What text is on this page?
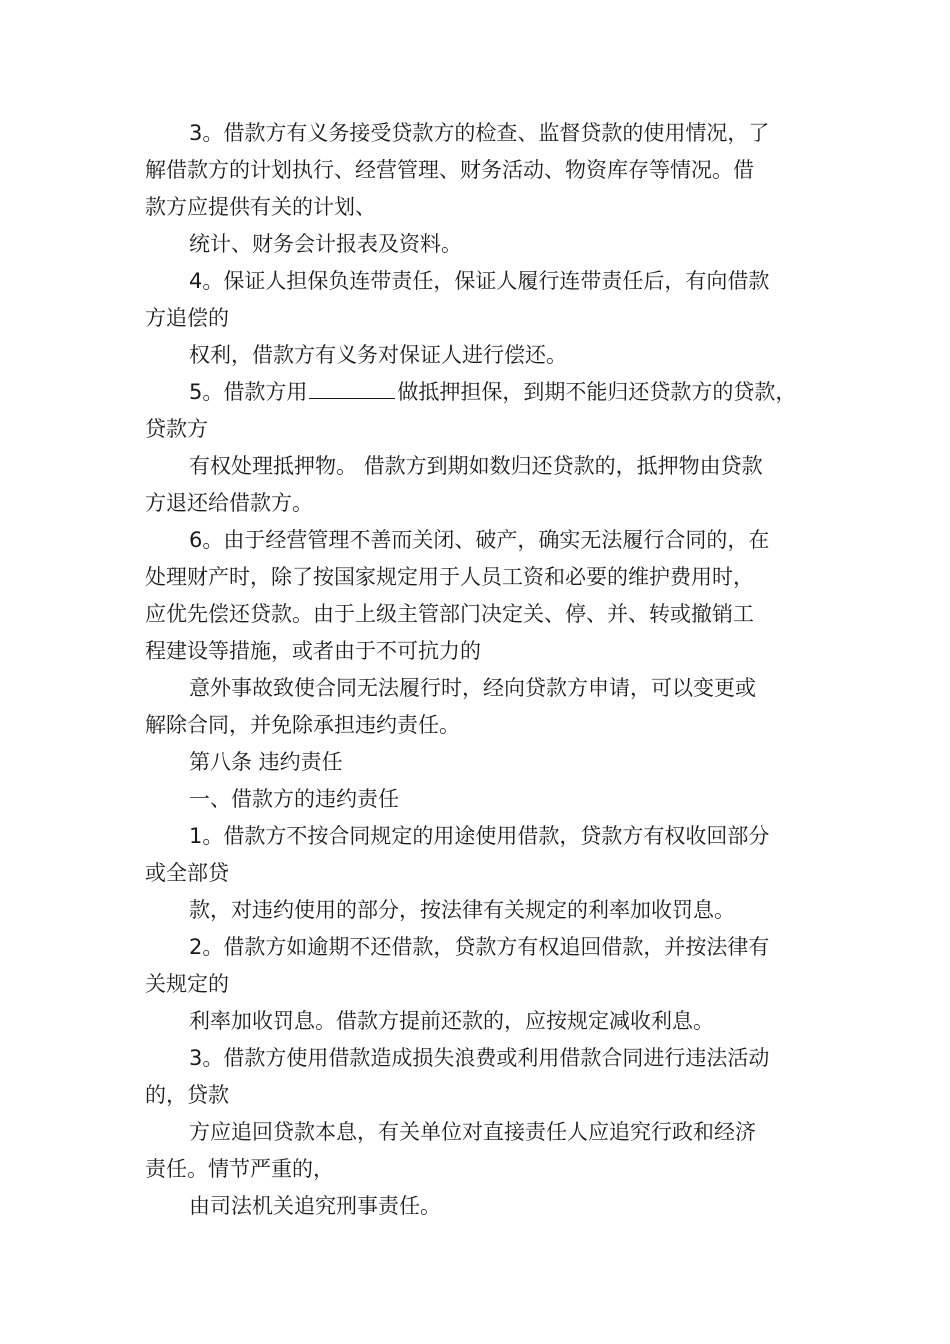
3。借款方有义务接受贷款方的检查、监督贷款的使用情况，了
解借款方的计划执行、经营管理、财务活动、物资库存等情况。借
款方应提供有关的计划、
统计、财务会计报表及资料。
4。保证人担保负连带责任，保证人履行连带责任后，有向借款
方追偿的
权利，借款方有义务对保证人进行偿还。
5。借款方用	做抵押担保，到期不能归还贷款方的贷款，
贷款方
有权处理抵押物。 借款方到期如数归还贷款的，抵押物由贷款
方退还给借款方。
6。由于经营管理不善而关闭、破产，确实无法履行合同的，在
处理财产时，除了按国家规定用于人员工资和必要的维护费用时，
应优先偿还贷款。由于上级主管部门决定关、停、并、转或撤销工
程建设等措施，或者由于不可抗力的
意外事故致使合同无法履行时，经向贷款方申请，可以变更或
解除合同，并免除承担违约责任。
第八条 违约责任
一、借款方的违约责任
1。借款方不按合同规定的用途使用借款，贷款方有权收回部分
或全部贷
款，对违约使用的部分，按法律有关规定的利率加收罚息。
2。借款方如逾期不还借款，贷款方有权追回借款，并按法律有
关规定的
利率加收罚息。借款方提前还款的，应按规定减收利息。
3。借款方使用借款造成损失浪费或利用借款合同进行违法活动
的，贷款
方应追回贷款本息，有关单位对直接责任人应追究行政和经济
责任。情节严重的，
由司法机关追究刑事责任。
